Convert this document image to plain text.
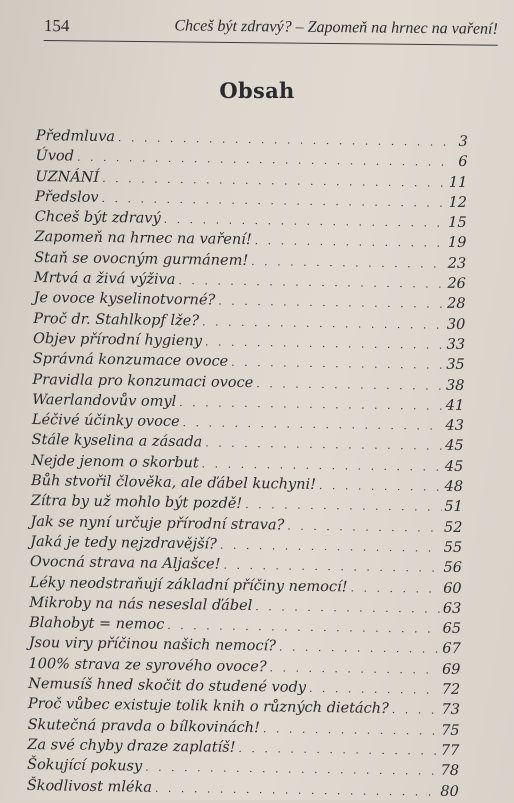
154	Chceš být zdravý? – Zapomeň na hrnec na vaření!
Obsah
Předmluva . . .	3
Úvod . . .	6
UZNÁNÍ . . .	11
Předslov . . .	12
Chceš být zdravý . . .	15
Zapomeň na hrnec na vaření! . . .	19
Staň se ovocným gurmánem! . . .	23
Mrtvá a živá výživa . . .	26
Je ovoce kyselinotvorné? . . .	28
Proč dr. Stahlkopf lže? . . .	30
Objev přírodní hygieny . . .	33
Správná konzumace ovoce . . .	35
Pravidla pro konzumaci ovoce . . .	38
Waerlandovův omyl . . .	41
Léčivé účinky ovoce . . .	43
Stále kyselina a zásada . . .	45
Nejde jenom o skorbut . . .	45
Bůh stvořil člověka, ale ďábel kuchyni! . . .	48
Zítra by už mohlo být pozdě! . . .	51
Jak se nyní určuje přírodní strava? . . .	52
Jaká je tedy nejzdravější? . . .	55
Ovocná strava na Aljašce! . . .	56
Léky neodstraňují základní příčiny nemocí! . . .	60
Mikroby na nás neseslal ďábel . . .	63
Blahobyt = nemoc . . .	65
Jsou viry příčinou našich nemocí? . . .	67
100% strava ze syrového ovoce? . . .	69
Nemusíš hned skočit do studené vody . . .	72
Proč vůbec existuje tolik knih o různých dietách? . . .	73
Skutečná pravda o bílkovinách! . . .	75
Za své chyby draze zaplatíš! . . .	77
Šokující pokusy . . .	78
Škodlivost mléka . . .	80
